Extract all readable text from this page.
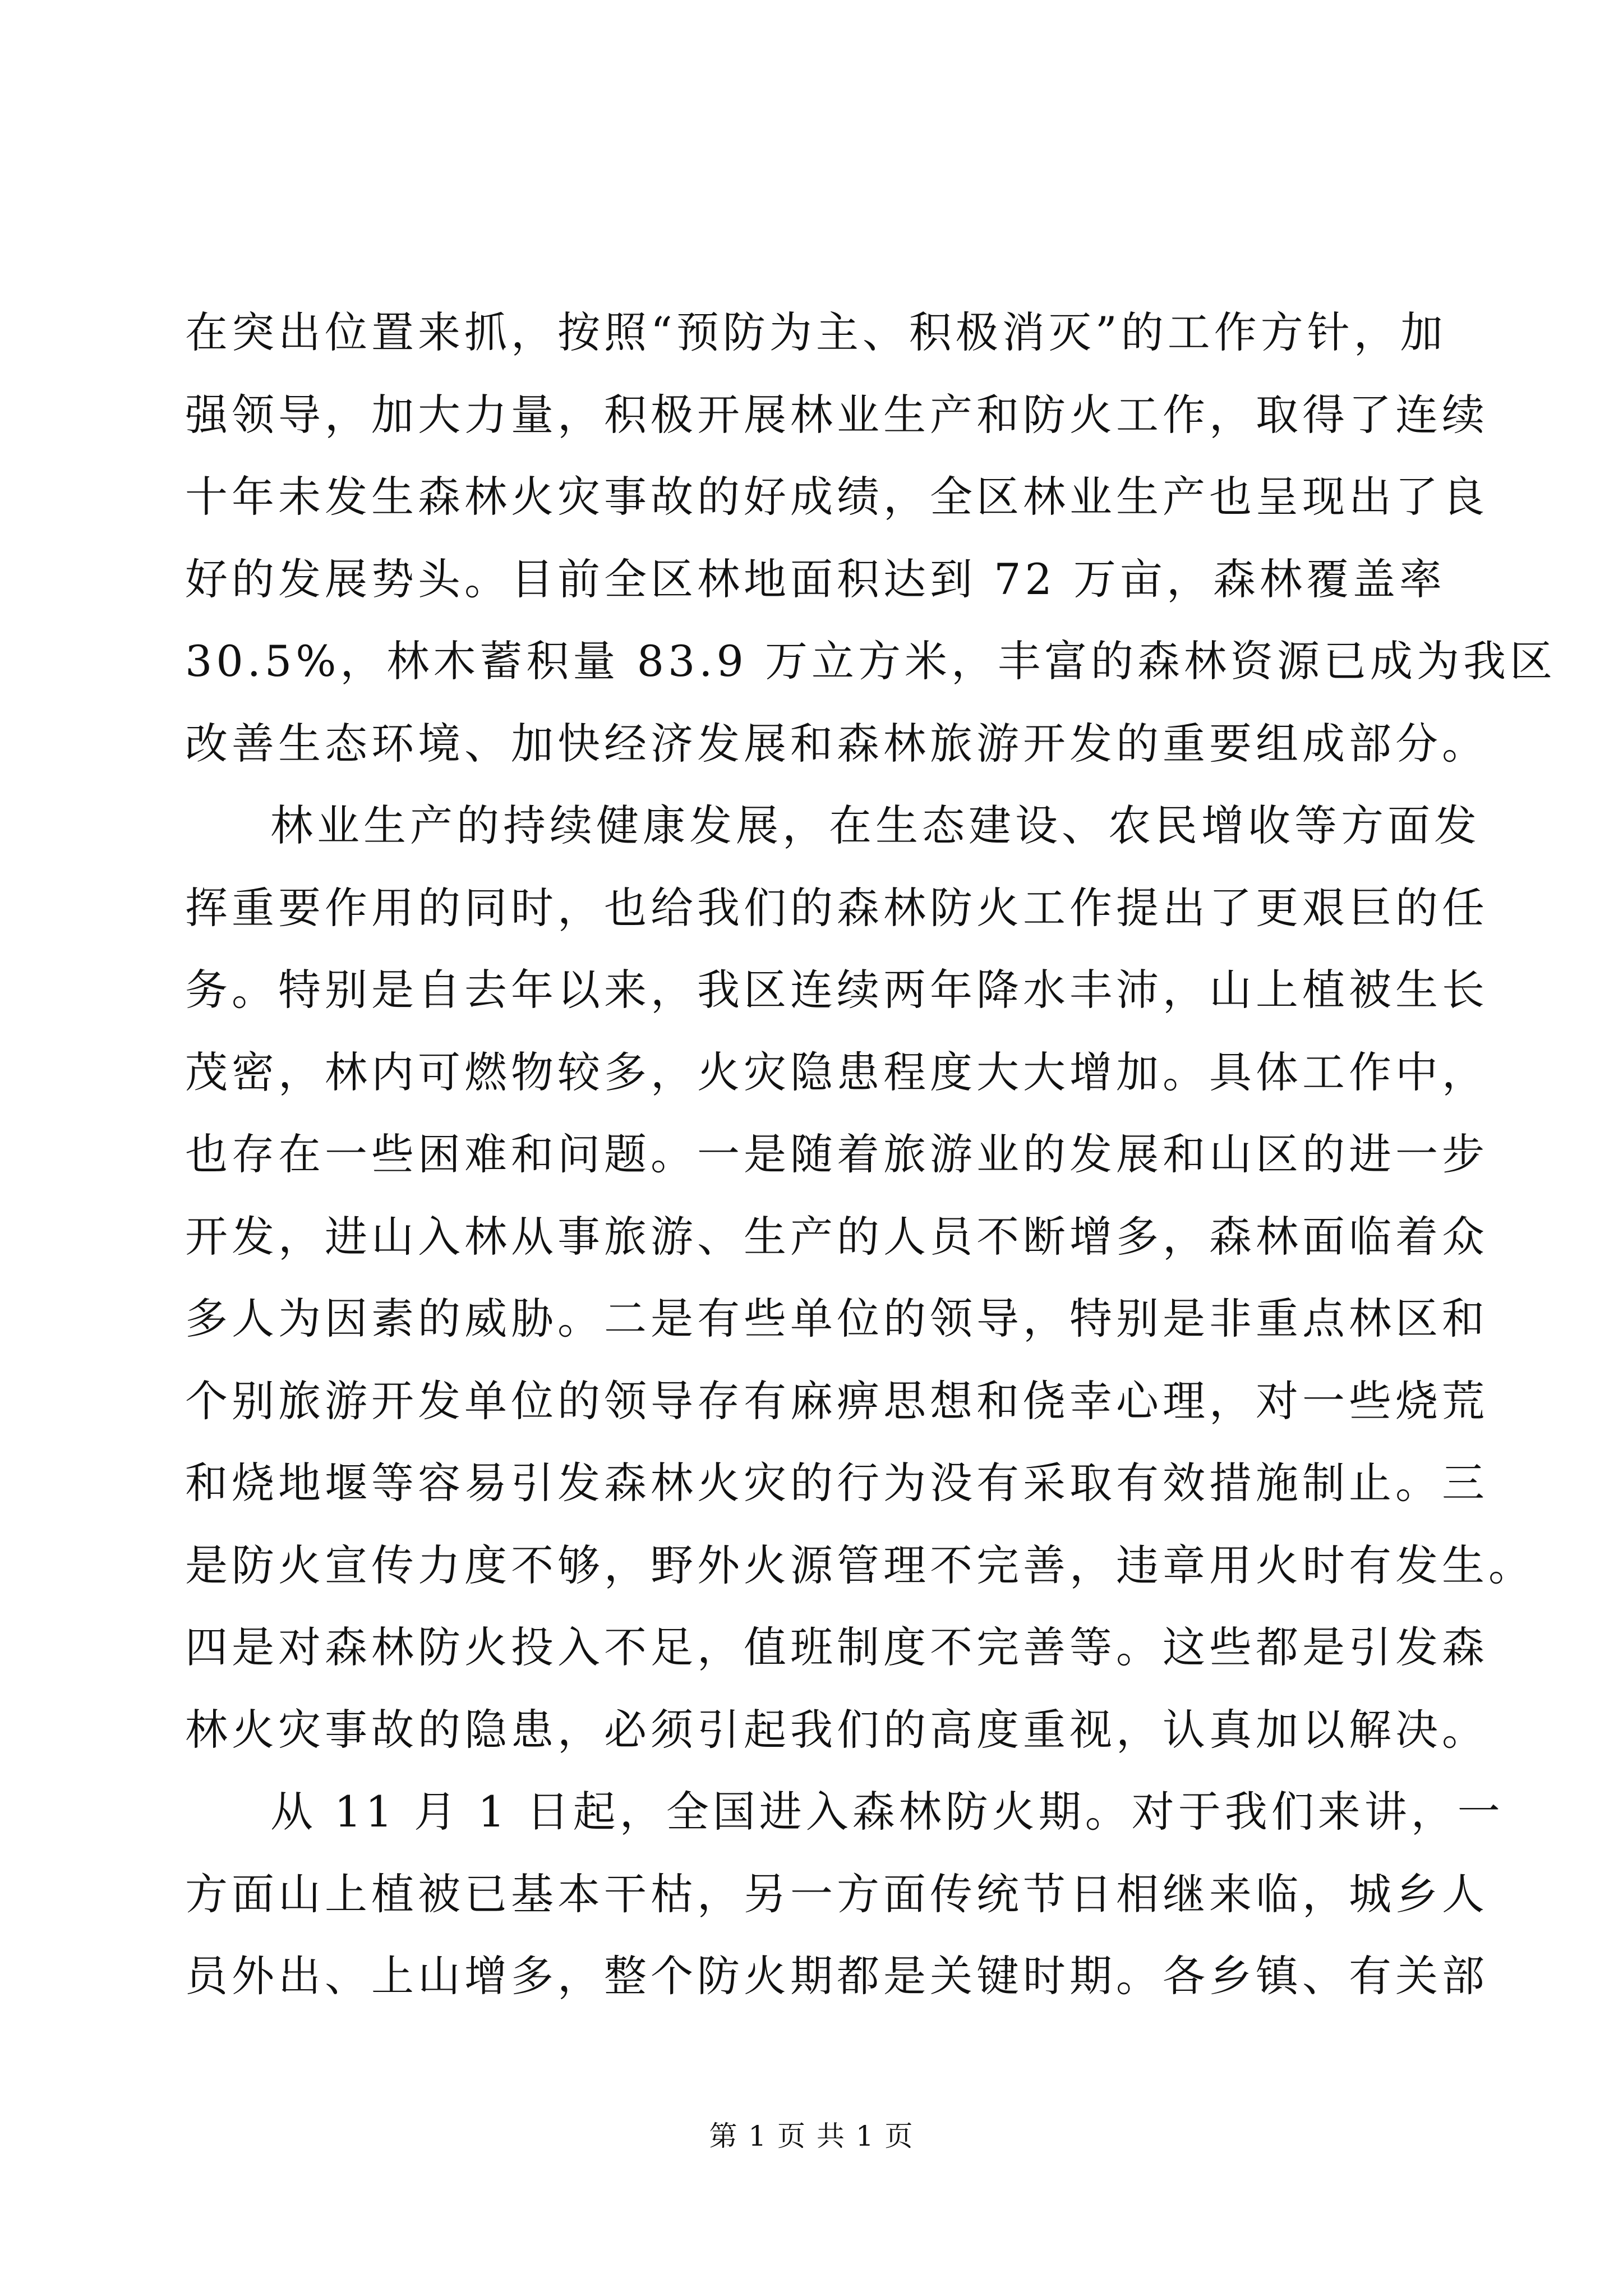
在突出位置来抓，按照“预防为主、积极消灭”的工作方针，加
强领导，加大力量，积极开展林业生产和防火工作，取得了连续
十年未发生森林火灾事故的好成绩，全区林业生产也呈现出了良
好的发展势头。目前全区林地面积达到 72 万亩，森林覆盖率
30.5%，林木蓄积量 83.9 万立方米，丰富的森林资源已成为我区
改善生态环境、加快经济发展和森林旅游开发的重要组成部分。
林业生产的持续健康发展，在生态建设、农民增收等方面发
挥重要作用的同时，也给我们的森林防火工作提出了更艰巨的任
务。特别是自去年以来，我区连续两年降水丰沛，山上植被生长
茂密，林内可燃物较多，火灾隐患程度大大增加。具体工作中，
也存在一些困难和问题。一是随着旅游业的发展和山区的进一步
开发，进山入林从事旅游、生产的人员不断增多，森林面临着众
多人为因素的威胁。二是有些单位的领导，特别是非重点林区和
个别旅游开发单位的领导存有麻痹思想和侥幸心理，对一些烧荒
和烧地堰等容易引发森林火灾的行为没有采取有效措施制止。三
是防火宣传力度不够，野外火源管理不完善，违章用火时有发生。
四是对森林防火投入不足，值班制度不完善等。这些都是引发森
林火灾事故的隐患，必须引起我们的高度重视，认真加以解决。
从 11 月 1 日起，全国进入森林防火期。对于我们来讲，一
方面山上植被已基本干枯，另一方面传统节日相继来临，城乡人
员外出、上山增多，整个防火期都是关键时期。各乡镇、有关部
第 1 页 共 1 页
